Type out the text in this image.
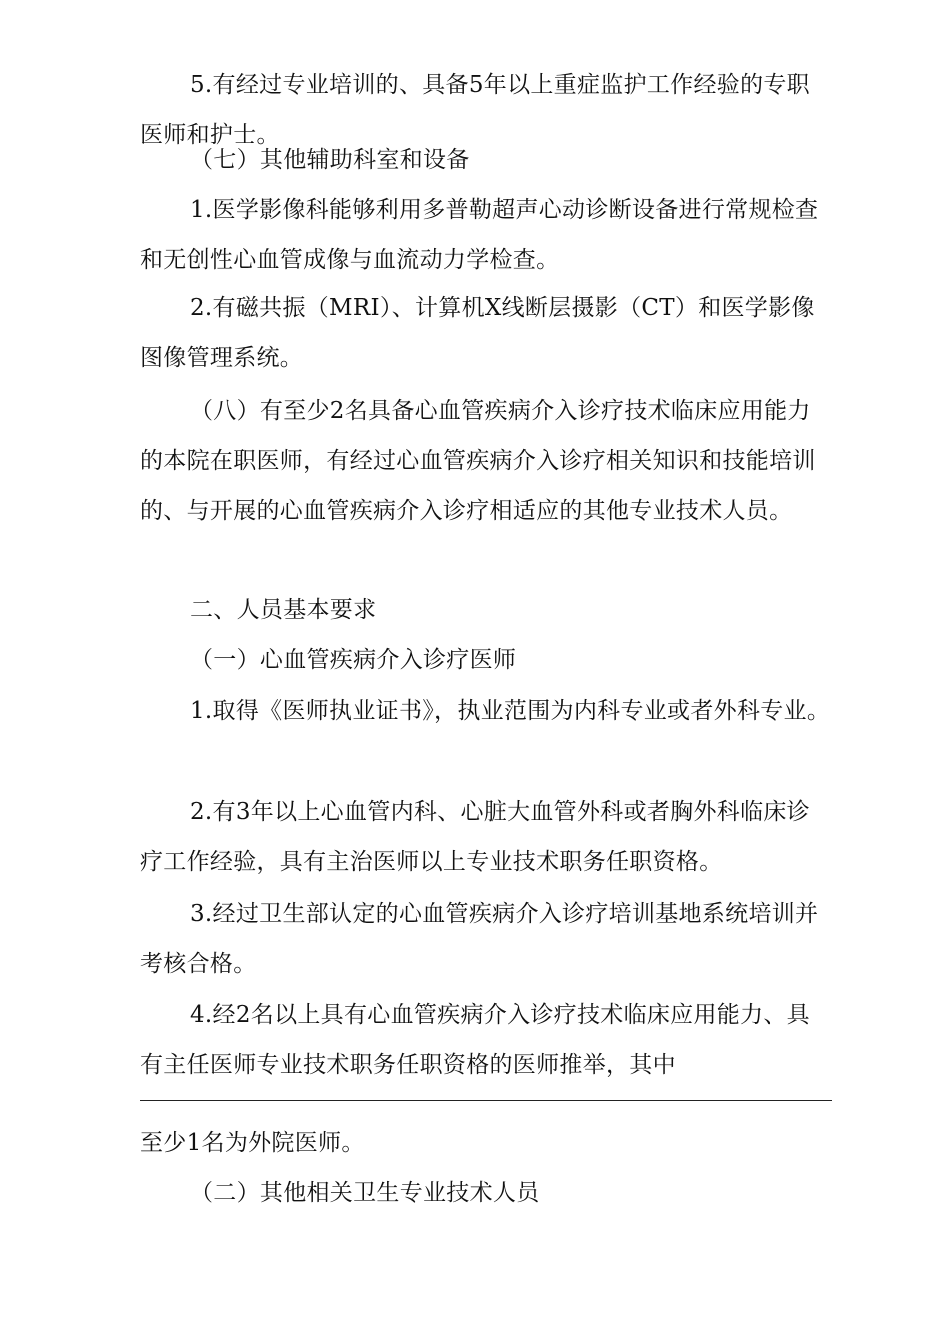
5.有经过专业培训的、具备5年以上重症监护工作经验的专职医师和护士。
（七）其他辅助科室和设备
1.医学影像科能够利用多普勒超声心动诊断设备进行常规检查和无创性心血管成像与血流动力学检查。
2.有磁共振（MRI）、计算机X线断层摄影（CT）和医学影像图像管理系统。
（八）有至少2名具备心血管疾病介入诊疗技术临床应用能力的本院在职医师，有经过心血管疾病介入诊疗相关知识和技能培训的、与开展的心血管疾病介入诊疗相适应的其他专业技术人员。
二、人员基本要求
（一）心血管疾病介入诊疗医师
1.取得《医师执业证书》，执业范围为内科专业或者外科专业。
2.有3年以上心血管内科、心脏大血管外科或者胸外科临床诊疗工作经验，具有主治医师以上专业技术职务任职资格。
3.经过卫生部认定的心血管疾病介入诊疗培训基地系统培训并考核合格。
4.经2名以上具有心血管疾病介入诊疗技术临床应用能力、具有主任医师专业技术职务任职资格的医师推举，其中
至少1名为外院医师。
（二）其他相关卫生专业技术人员
